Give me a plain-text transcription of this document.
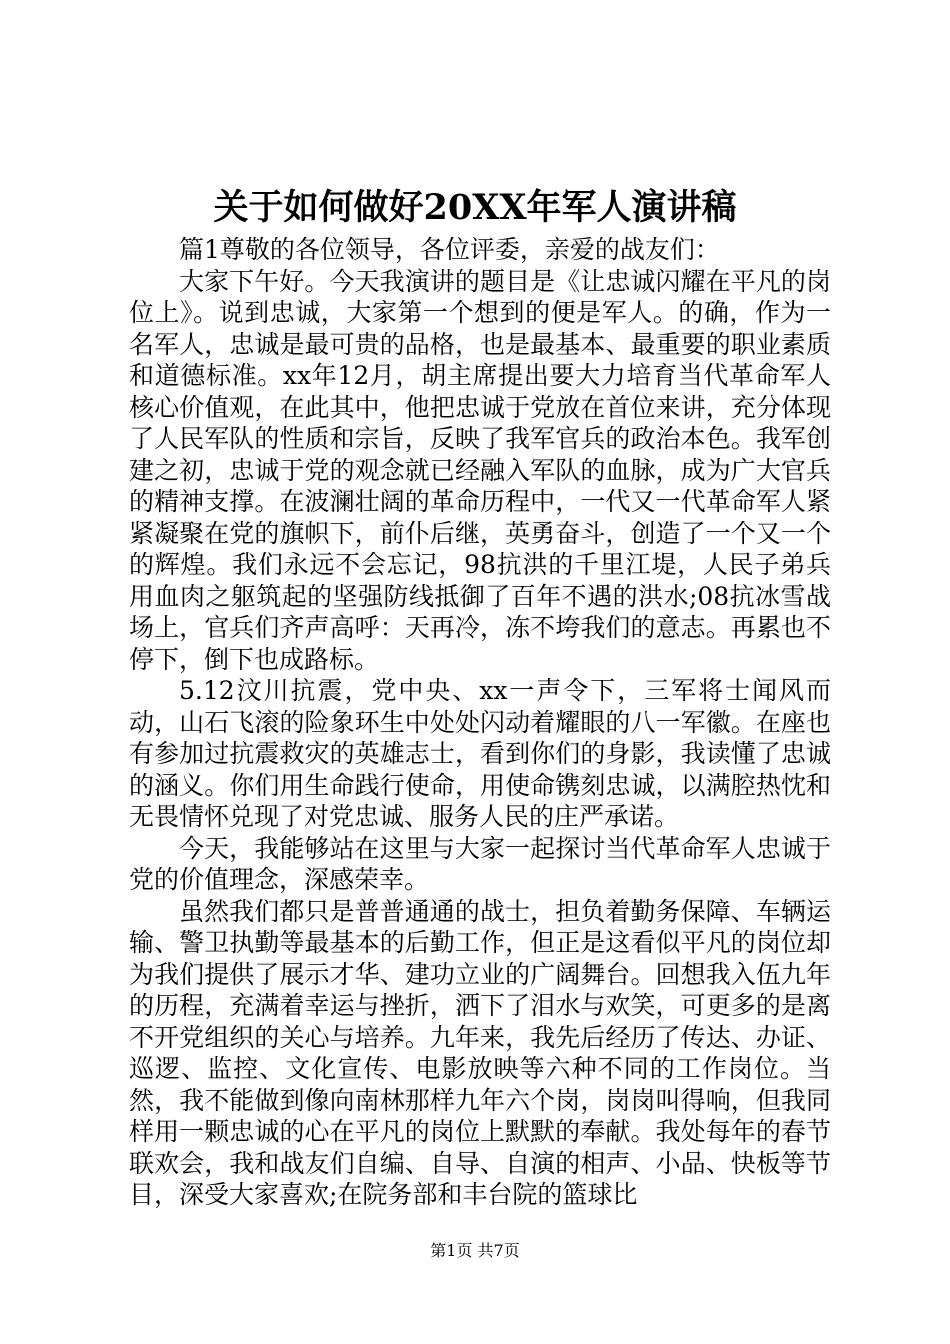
关于如何做好20XX年军人演讲稿

篇1尊敬的各位领导，各位评委，亲爱的战友们：

大家下午好。今天我演讲的题目是《让忠诚闪耀在平凡的岗位上》。说到忠诚，大家第一个想到的便是军人。的确，作为一名军人，忠诚是最可贵的品格，也是最基本、最重要的职业素质和道德标准。xx年12月，胡主席提出要大力培育当代革命军人核心价值观，在此其中，他把忠诚于党放在首位来讲，充分体现了人民军队的性质和宗旨，反映了我军官兵的政治本色。我军创建之初，忠诚于党的观念就已经融入军队的血脉，成为广大官兵的精神支撑。在波澜壮阔的革命历程中，一代又一代革命军人紧紧凝聚在党的旗帜下，前仆后继，英勇奋斗，创造了一个又一个的辉煌。我们永远不会忘记，98抗洪的千里江堤，人民子弟兵用血肉之躯筑起的坚强防线抵御了百年不遇的洪水;08抗冰雪战场上，官兵们齐声高呼：天再冷，冻不垮我们的意志。再累也不停下，倒下也成路标。

5.12汶川抗震，党中央、xx一声令下，三军将士闻风而动，山石飞滚的险象环生中处处闪动着耀眼的八一军徽。在座也有参加过抗震救灾的英雄志士，看到你们的身影，我读懂了忠诚的涵义。你们用生命践行使命，用使命镌刻忠诚，以满腔热忱和无畏情怀兑现了对党忠诚、服务人民的庄严承诺。

今天，我能够站在这里与大家一起探讨当代革命军人忠诚于党的价值理念，深感荣幸。

虽然我们都只是普普通通的战士，担负着勤务保障、车辆运输、警卫执勤等最基本的后勤工作，但正是这看似平凡的岗位却为我们提供了展示才华、建功立业的广阔舞台。回想我入伍九年的历程，充满着幸运与挫折，洒下了泪水与欢笑，可更多的是离不开党组织的关心与培养。九年来，我先后经历了传达、办证、巡逻、监控、文化宣传、电影放映等六种不同的工作岗位。当然，我不能做到像向南林那样九年六个岗，岗岗叫得响，但我同样用一颗忠诚的心在平凡的岗位上默默的奉献。我处每年的春节联欢会，我和战友们自编、自导、自演的相声、小品、快板等节目，深受大家喜欢;在院务部和丰台院的篮球比

第1页 共7页
